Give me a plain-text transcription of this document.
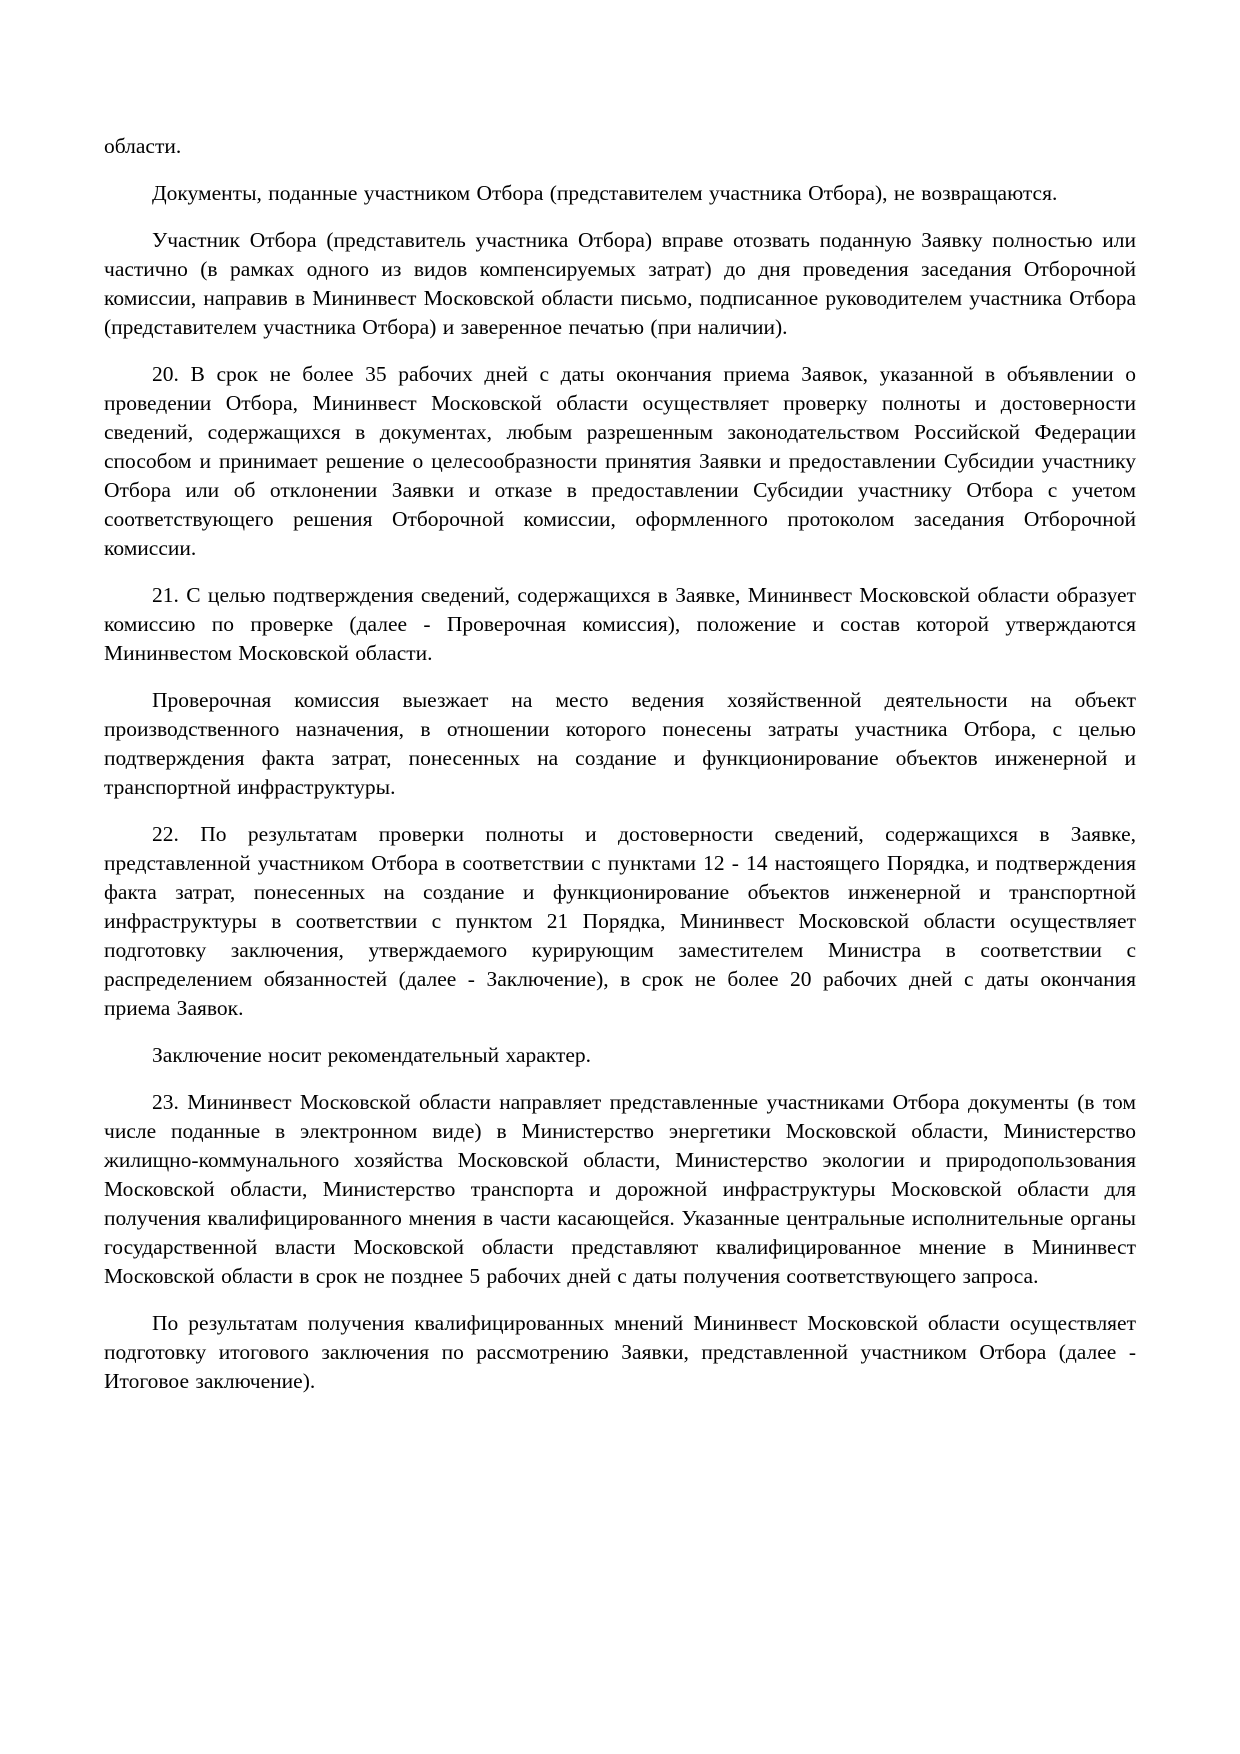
области.

Документы, поданные участником Отбора (представителем участника Отбора), не возвращаются.

Участник Отбора (представитель участника Отбора) вправе отозвать поданную Заявку полностью или частично (в рамках одного из видов компенсируемых затрат) до дня проведения заседания Отборочной комиссии, направив в Мининвест Московской области письмо, подписанное руководителем участника Отбора (представителем участника Отбора) и заверенное печатью (при наличии).

20. В срок не более 35 рабочих дней с даты окончания приема Заявок, указанной в объявлении о проведении Отбора, Мининвест Московской области осуществляет проверку полноты и достоверности сведений, содержащихся в документах, любым разрешенным законодательством Российской Федерации способом и принимает решение о целесообразности принятия Заявки и предоставлении Субсидии участнику Отбора или об отклонении Заявки и отказе в предоставлении Субсидии участнику Отбора с учетом соответствующего решения Отборочной комиссии, оформленного протоколом заседания Отборочной комиссии.

21. С целью подтверждения сведений, содержащихся в Заявке, Мининвест Московской области образует комиссию по проверке (далее - Проверочная комиссия), положение и состав которой утверждаются Мининвестом Московской области.

Проверочная комиссия выезжает на место ведения хозяйственной деятельности на объект производственного назначения, в отношении которого понесены затраты участника Отбора, с целью подтверждения факта затрат, понесенных на создание и функционирование объектов инженерной и транспортной инфраструктуры.

22. По результатам проверки полноты и достоверности сведений, содержащихся в Заявке, представленной участником Отбора в соответствии с пунктами 12 - 14 настоящего Порядка, и подтверждения факта затрат, понесенных на создание и функционирование объектов инженерной и транспортной инфраструктуры в соответствии с пунктом 21 Порядка, Мининвест Московской области осуществляет подготовку заключения, утверждаемого курирующим заместителем Министра в соответствии с распределением обязанностей (далее - Заключение), в срок не более 20 рабочих дней с даты окончания приема Заявок.

Заключение носит рекомендательный характер.

23. Мининвест Московской области направляет представленные участниками Отбора документы (в том числе поданные в электронном виде) в Министерство энергетики Московской области, Министерство жилищно-коммунального хозяйства Московской области, Министерство экологии и природопользования Московской области, Министерство транспорта и дорожной инфраструктуры Московской области для получения квалифицированного мнения в части касающейся. Указанные центральные исполнительные органы государственной власти Московской области представляют квалифицированное мнение в Мининвест Московской области в срок не позднее 5 рабочих дней с даты получения соответствующего запроса.

По результатам получения квалифицированных мнений Мининвест Московской области осуществляет подготовку итогового заключения по рассмотрению Заявки, представленной участником Отбора (далее - Итоговое заключение).
